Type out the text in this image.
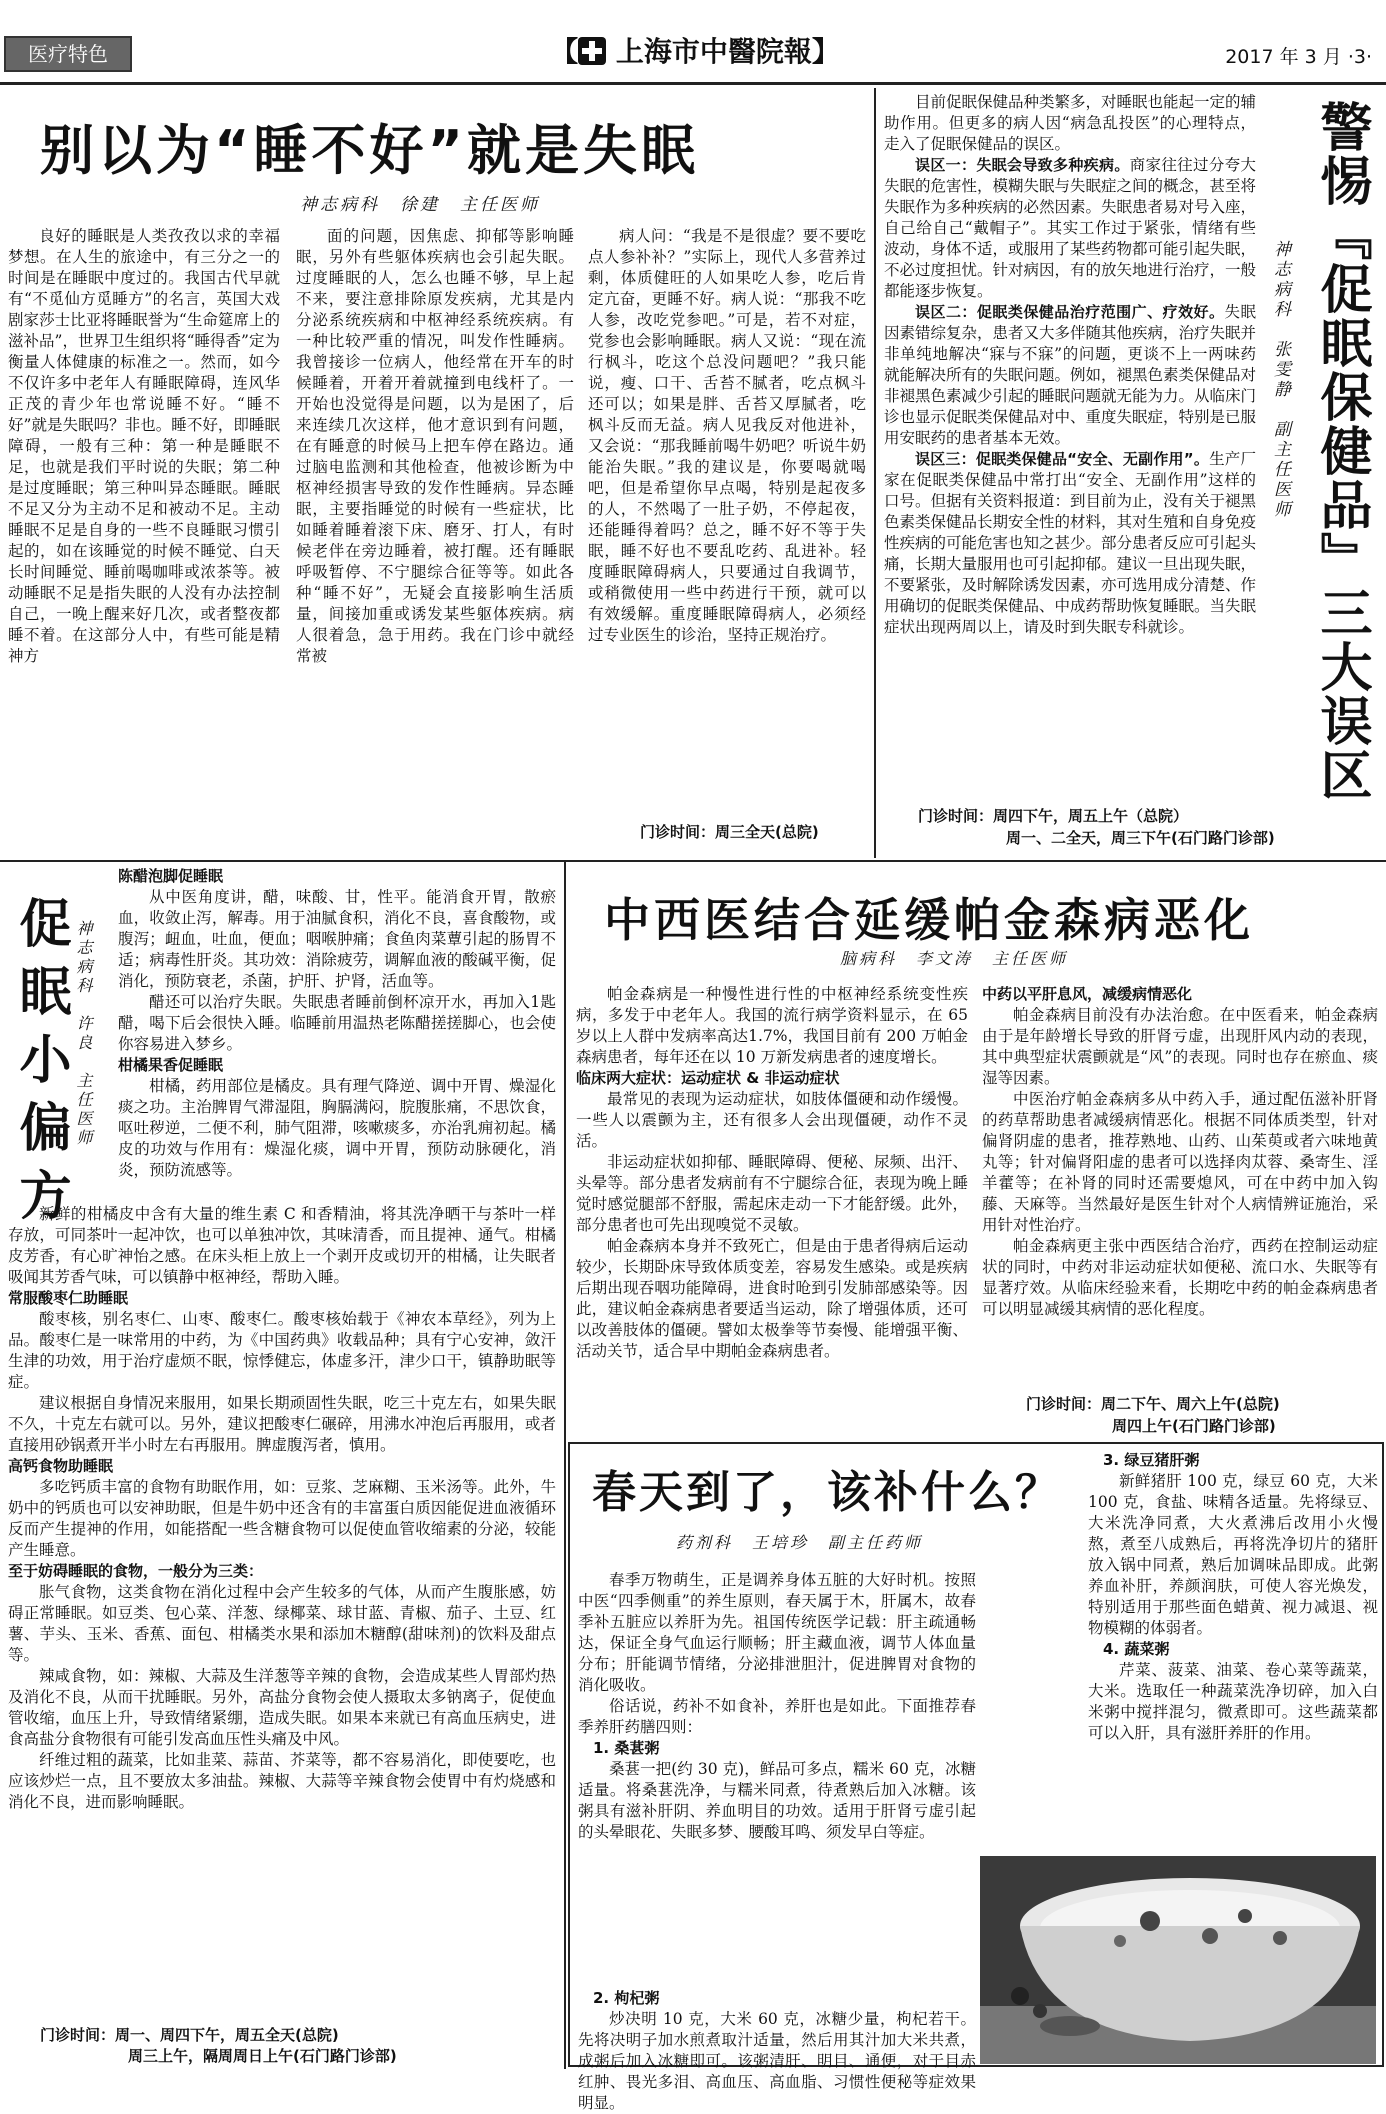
医疗特色	【 上海市中醫院報】	2017 年 3 月 ·3·
别以为“睡不好”就是失眠
神志病科　徐建　主任医师

良好的睡眠是人类孜孜以求的幸福梦想。在人生的旅途中，有三分之一的时间是在睡眠中度过的。我国古代早就有“不觅仙方觅睡方”的名言，英国大戏剧家莎士比亚将睡眠誉为“生命筵席上的滋补品”，世界卫生组织将“睡得香”定为衡量人体健康的标准之一。然而，如今不仅许多中老年人有睡眠障碍，连风华正茂的青少年也常说睡不好。“睡不好”就是失眠吗？非也。睡不好，即睡眠障碍，一般有三种：第一种是睡眠不足，也就是我们平时说的失眠；第二种是过度睡眠；第三种叫异态睡眠。睡眠不足又分为主动不足和被动不足。主动睡眠不足是自身的一些不良睡眠习惯引起的，如在该睡觉的时候不睡觉、白天长时间睡觉、睡前喝咖啡或浓茶等。被动睡眠不足是指失眠的人没有办法控制自己，一晚上醒来好几次，或者整夜都睡不着。在这部分人中，有些可能是精神方

面的问题，因焦虑、抑郁等影响睡眠，另外有些躯体疾病也会引起失眠。过度睡眠的人，怎么也睡不够，早上起不来，要注意排除原发疾病，尤其是内分泌系统疾病和中枢神经系统疾病。有一种比较严重的情况，叫发作性睡病。我曾接诊一位病人，他经常在开车的时候睡着，开着开着就撞到电线杆了。一开始也没觉得是问题，以为是困了，后来连续几次这样，他才意识到有问题，在有睡意的时候马上把车停在路边。通过脑电监测和其他检查，他被诊断为中枢神经损害导致的发作性睡病。异态睡眠，主要指睡觉的时候有一些症状，比如睡着睡着滚下床、磨牙、打人，有时候老伴在旁边睡着，被打醒。还有睡眠呼吸暂停、不宁腿综合征等等。如此各种“睡不好”，无疑会直接影响生活质量，间接加重或诱发某些躯体疾病。病人很着急，急于用药。我在门诊中就经常被

病人问：“我是不是很虚？要不要吃点人参补补？”实际上，现代人多营养过剩，体质健旺的人如果吃人参，吃后肯定亢奋，更睡不好。病人说：“那我不吃人参，改吃党参吧。”可是，若不对症，党参也会影响睡眠。病人又说：“现在流行枫斗，吃这个总没问题吧？”我只能说，瘦、口干、舌苔不腻者，吃点枫斗还可以；如果是胖、舌苔又厚腻者，吃枫斗反而无益。病人见我反对他进补，又会说：“那我睡前喝牛奶吧？听说牛奶能治失眠。”我的建议是，你要喝就喝吧，但是希望你早点喝，特别是起夜多的人，不然喝了一肚子奶，不停起夜，还能睡得着吗？总之，睡不好不等于失眠，睡不好也不要乱吃药、乱进补。轻度睡眠障碍病人，只要通过自我调节，或稍微使用一些中药进行干预，就可以有效缓解。重度睡眠障碍病人，必须经过专业医生的诊治，坚持正规治疗。

门诊时间：周三全天(总院)

目前促眠保健品种类繁多，对睡眠也能起一定的辅助作用。但更多的病人因“病急乱投医”的心理特点，走入了促眠保健品的误区。

误区一：失眠会导致多种疾病。商家往往过分夸大失眠的危害性，模糊失眠与失眠症之间的概念，甚至将失眠作为多种疾病的必然因素。失眠患者易对号入座，自己给自己“戴帽子”。其实工作过于紧张，情绪有些波动，身体不适，或服用了某些药物都可能引起失眠，不必过度担忧。针对病因，有的放矢地进行治疗，一般都能逐步恢复。

误区二：促眠类保健品治疗范围广、疗效好。失眠因素错综复杂，患者又大多伴随其他疾病，治疗失眠并非单纯地解决“寐与不寐”的问题，更谈不上一两味药就能解决所有的失眠问题。例如，褪黑色素类保健品对非褪黑色素减少引起的睡眠问题就无能为力。从临床门诊也显示促眠类保健品对中、重度失眠症，特别是已服用安眠药的患者基本无效。

误区三：促眠类保健品“安全、无副作用”。生产厂家在促眠类保健品中常打出“安全、无副作用”这样的口号。但据有关资料报道：到目前为止，没有关于褪黑色素类保健品长期安全性的材料，其对生殖和自身免疫性疾病的可能危害也知之甚少。部分患者反应可引起头痛，长期大量服用也可引起抑郁。建议一旦出现失眠，不要紧张，及时解除诱发因素，亦可选用成分清楚、作用确切的促眠类保健品、中成药帮助恢复睡眠。当失眠症状出现两周以上，请及时到失眠专科就诊。

门诊时间：周四下午，周五上午（总院）
周一、二全天，周三下午(石门路门诊部)
警惕『促眠保健品』三大误区
神志病科　张雯静　副主任医师
促眠小偏方 神志病科　许良　主任医师
陈醋泡脚促睡眠

从中医角度讲，醋，味酸、甘，性平。能消食开胃，散瘀血，收敛止泻，解毒。用于油腻食积，消化不良，喜食酸物，或腹泻；衄血，吐血，便血；咽喉肿痛；食鱼肉菜蕈引起的肠胃不适；病毒性肝炎。其功效：消除疲劳，调解血液的酸碱平衡，促消化，预防衰老，杀菌，护肝、护肾，活血等。

醋还可以治疗失眠。失眠患者睡前倒杯凉开水，再加入1匙醋，喝下后会很快入睡。临睡前用温热老陈醋搓搓脚心，也会使你容易进入梦乡。

柑橘果香促睡眠

柑橘，药用部位是橘皮。具有理气降逆、调中开胃、燥湿化痰之功。主治脾胃气滞湿阻，胸膈满闷，脘腹胀痛，不思饮食，呕吐秽逆，二便不利，肺气阻滞，咳嗽痰多，亦治乳痈初起。橘皮的功效与作用有：燥湿化痰，调中开胃，预防动脉硬化，消炎，预防流感等。

新鲜的柑橘皮中含有大量的维生素 C 和香精油，将其洗净晒干与茶叶一样存放，可同茶叶一起冲饮，也可以单独冲饮，其味清香，而且提神、通气。柑橘皮芳香，有心旷神怡之感。在床头柜上放上一个剥开皮或切开的柑橘，让失眠者吸闻其芳香气味，可以镇静中枢神经，帮助入睡。

常服酸枣仁助睡眠

酸枣核，别名枣仁、山枣、酸枣仁。酸枣核始载于《神农本草经》，列为上品。酸枣仁是一味常用的中药，为《中国药典》收载品种；具有宁心安神，敛汗生津的功效，用于治疗虚烦不眠，惊悸健忘，体虚多汗，津少口干，镇静助眠等症。

建议根据自身情况来服用，如果长期顽固性失眠，吃三十克左右，如果失眠不久，十克左右就可以。另外，建议把酸枣仁碾碎，用沸水冲泡后再服用，或者直接用砂锅煮开半小时左右再服用。脾虚腹泻者，慎用。

高钙食物助睡眠

多吃钙质丰富的食物有助眠作用，如：豆浆、芝麻糊、玉米汤等。此外，牛奶中的钙质也可以安神助眠，但是牛奶中还含有的丰富蛋白质因能促进血液循环反而产生提神的作用，如能搭配一些含糖食物可以促使血管收缩素的分泌，较能产生睡意。

至于妨碍睡眠的食物，一般分为三类：

胀气食物，这类食物在消化过程中会产生较多的气体，从而产生腹胀感，妨碍正常睡眠。如豆类、包心菜、洋葱、绿椰菜、球甘蓝、青椒、茄子、土豆、红薯、芋头、玉米、香蕉、面包、柑橘类水果和添加木糖醇(甜味剂)的饮料及甜点等。

辣咸食物，如：辣椒、大蒜及生洋葱等辛辣的食物，会造成某些人胃部灼热及消化不良，从而干扰睡眠。另外，高盐分食物会使人摄取太多钠离子，促使血管收缩，血压上升，导致情绪紧绷，造成失眠。如果本来就已有高血压病史，进食高盐分食物很有可能引发高血压性头痛及中风。

纤维过粗的蔬菜，比如韭菜、蒜苗、芥菜等，都不容易消化，即使要吃，也应该炒烂一点，且不要放太多油盐。辣椒、大蒜等辛辣食物会使胃中有灼烧感和消化不良，进而影响睡眠。

门诊时间：周一、周四下午，周五全天(总院)
周三上午，隔周周日上午(石门路门诊部)
中西医结合延缓帕金森病恶化
脑病科　李文涛　主任医师

帕金森病是一种慢性进行性的中枢神经系统变性疾病，多发于中老年人。我国的流行病学资料显示，在 65 岁以上人群中发病率高达1.7%，我国目前有 200 万帕金森病患者，每年还在以 10 万新发病患者的速度增长。

临床两大症状：运动症状 & 非运动症状

最常见的表现为运动症状，如肢体僵硬和动作缓慢。一些人以震颤为主，还有很多人会出现僵硬，动作不灵活。

非运动症状如抑郁、睡眠障碍、便秘、尿频、出汗、头晕等。部分患者发病前有不宁腿综合征，表现为晚上睡觉时感觉腿部不舒服，需起床走动一下才能舒缓。此外，部分患者也可先出现嗅觉不灵敏。

帕金森病本身并不致死亡，但是由于患者得病后运动较少，长期卧床导致体质变差，容易发生感染。或是疾病后期出现吞咽功能障碍，进食时呛到引发肺部感染等。因此，建议帕金森病患者要适当运动，除了增强体质，还可以改善肢体的僵硬。譬如太极拳等节奏慢、能增强平衡、活动关节，适合早中期帕金森病患者。

中药以平肝息风，减缓病情恶化

帕金森病目前没有办法治愈。在中医看来，帕金森病由于是年龄增长导致的肝肾亏虚，出现肝风内动的表现，其中典型症状震颤就是“风”的表现。同时也存在瘀血、痰湿等因素。

中医治疗帕金森病多从中药入手，通过配伍滋补肝肾的药草帮助患者减缓病情恶化。根据不同体质类型，针对偏肾阴虚的患者，推荐熟地、山药、山茱萸或者六味地黄丸等；针对偏肾阳虚的患者可以选择肉苁蓉、桑寄生、淫羊藿等；在补肾的同时还需要熄风，可在中药中加入钩藤、天麻等。当然最好是医生针对个人病情辨证施治，采用针对性治疗。

帕金森病更主张中西医结合治疗，西药在控制运动症状的同时，中药对非运动症状如便秘、流口水、失眠等有显著疗效。从临床经验来看，长期吃中药的帕金森病患者可以明显减缓其病情的恶化程度。

门诊时间：周二下午、周六上午(总院)
周四上午(石门路门诊部)
春天到了，该补什么？
药剂科　王培珍　副主任药师

春季万物萌生，正是调养身体五脏的大好时机。按照中医“四季侧重”的养生原则，春天属于木，肝属木，故春季补五脏应以养肝为先。祖国传统医学记载：肝主疏通畅达，保证全身气血运行顺畅；肝主藏血液，调节人体血量分布；肝能调节情绪，分泌排泄胆汁，促进脾胃对食物的消化吸收。

俗话说，药补不如食补，养肝也是如此。下面推荐春季养肝药膳四则：

1. 桑葚粥

桑葚一把(约 30 克)，鲜品可多点，糯米 60 克，冰糖适量。将桑葚洗净，与糯米同煮，待煮熟后加入冰糖。该粥具有滋补肝阴、养血明目的功效。适用于肝肾亏虚引起的头晕眼花、失眠多梦、腰酸耳鸣、须发早白等症。

2. 枸杞粥

炒决明 10 克，大米 60 克，冰糖少量，枸杞若干。先将决明子加水煎煮取汁适量，然后用其汁加大米共煮，成粥后加入冰糖即可。该粥清肝、明目、通便，对于目赤红肿、畏光多泪、高血压、高血脂、习惯性便秘等症效果明显。

3. 绿豆猪肝粥

新鲜猪肝 100 克，绿豆 60 克，大米 100 克，食盐、味精各适量。先将绿豆、大米洗净同煮，大火煮沸后改用小火慢熬，煮至八成熟后，再将洗净切片的猪肝放入锅中同煮，熟后加调味品即成。此粥养血补肝，养颜润肤，可使人容光焕发，特别适用于那些面色蜡黄、视力减退、视物模糊的体弱者。

4. 蔬菜粥

芹菜、菠菜、油菜、卷心菜等蔬菜，大米。选取任一种蔬菜洗净切碎，加入白米粥中搅拌混匀，微煮即可。这些蔬菜都可以入肝，具有滋肝养肝的作用。
